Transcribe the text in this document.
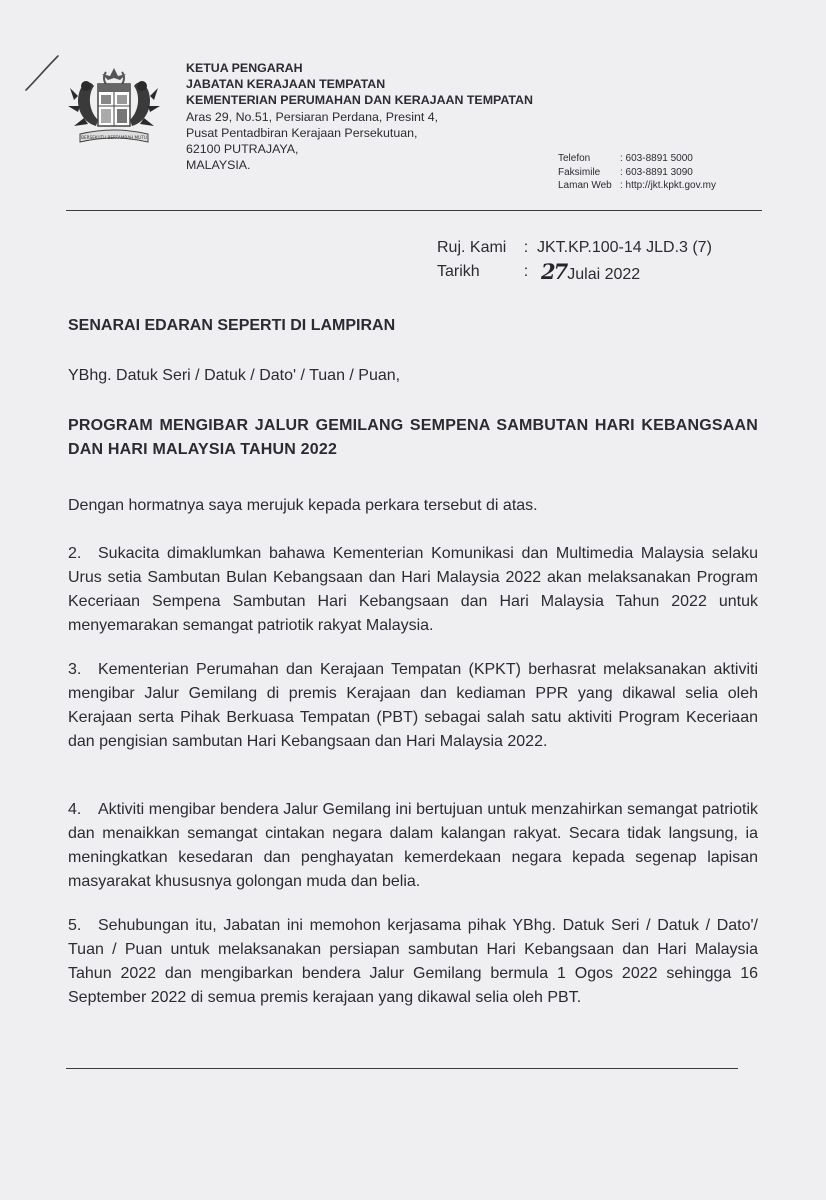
BERSEKUTU BERTAMBAH MUTU
KETUA PENGARAH
JABATAN KERAJAAN TEMPATAN
KEMENTERIAN PERUMAHAN DAN KERAJAAN TEMPATAN
Aras 29, No.51, Persiaran Perdana, Presint 4,
Pusat Pentadbiran Kerajaan Persekutuan,
62100 PUTRAJAYA,
MALAYSIA.	Telefon	: 603-8891 5000
Faksimile	: 603-8891 3090
Laman Web : http://jkt.kpkt.gov.my
Ruj. Kami	: JKT.KP.100-14 JLD.3 (7)
Tarikh	: 27Julai 2022
SENARAI EDARAN SEPERTI DI LAMPIRAN
YBhg. Datuk Seri / Datuk / Dato' / Tuan / Puan,
PROGRAM MENGIBAR JALUR GEMILANG SEMPENA SAMBUTAN HARI KEBANGSAAN DAN HARI MALAYSIA TAHUN 2022
Dengan hormatnya saya merujuk kepada perkara tersebut di atas.
2. Sukacita dimaklumkan bahawa Kementerian Komunikasi dan Multimedia Malaysia selaku Urus setia Sambutan Bulan Kebangsaan dan Hari Malaysia 2022 akan melaksanakan Program Keceriaan Sempena Sambutan Hari Kebangsaan dan Hari Malaysia Tahun 2022 untuk menyemarakan semangat patriotik rakyat Malaysia.
3. Kementerian Perumahan dan Kerajaan Tempatan (KPKT) berhasrat melaksanakan aktiviti mengibar Jalur Gemilang di premis Kerajaan dan kediaman PPR yang dikawal selia oleh Kerajaan serta Pihak Berkuasa Tempatan (PBT) sebagai salah satu aktiviti Program Keceriaan dan pengisian sambutan Hari Kebangsaan dan Hari Malaysia 2022.
4. Aktiviti mengibar bendera Jalur Gemilang ini bertujuan untuk menzahirkan semangat patriotik dan menaikkan semangat cintakan negara dalam kalangan rakyat. Secara tidak langsung, ia meningkatkan kesedaran dan penghayatan kemerdekaan negara kepada segenap lapisan masyarakat khususnya golongan muda dan belia.
5. Sehubungan itu, Jabatan ini memohon kerjasama pihak YBhg. Datuk Seri / Datuk / Dato'/ Tuan / Puan untuk melaksanakan persiapan sambutan Hari Kebangsaan dan Hari Malaysia Tahun 2022 dan mengibarkan bendera Jalur Gemilang bermula 1 Ogos 2022 sehingga 16 September 2022 di semua premis kerajaan yang dikawal selia oleh PBT.
